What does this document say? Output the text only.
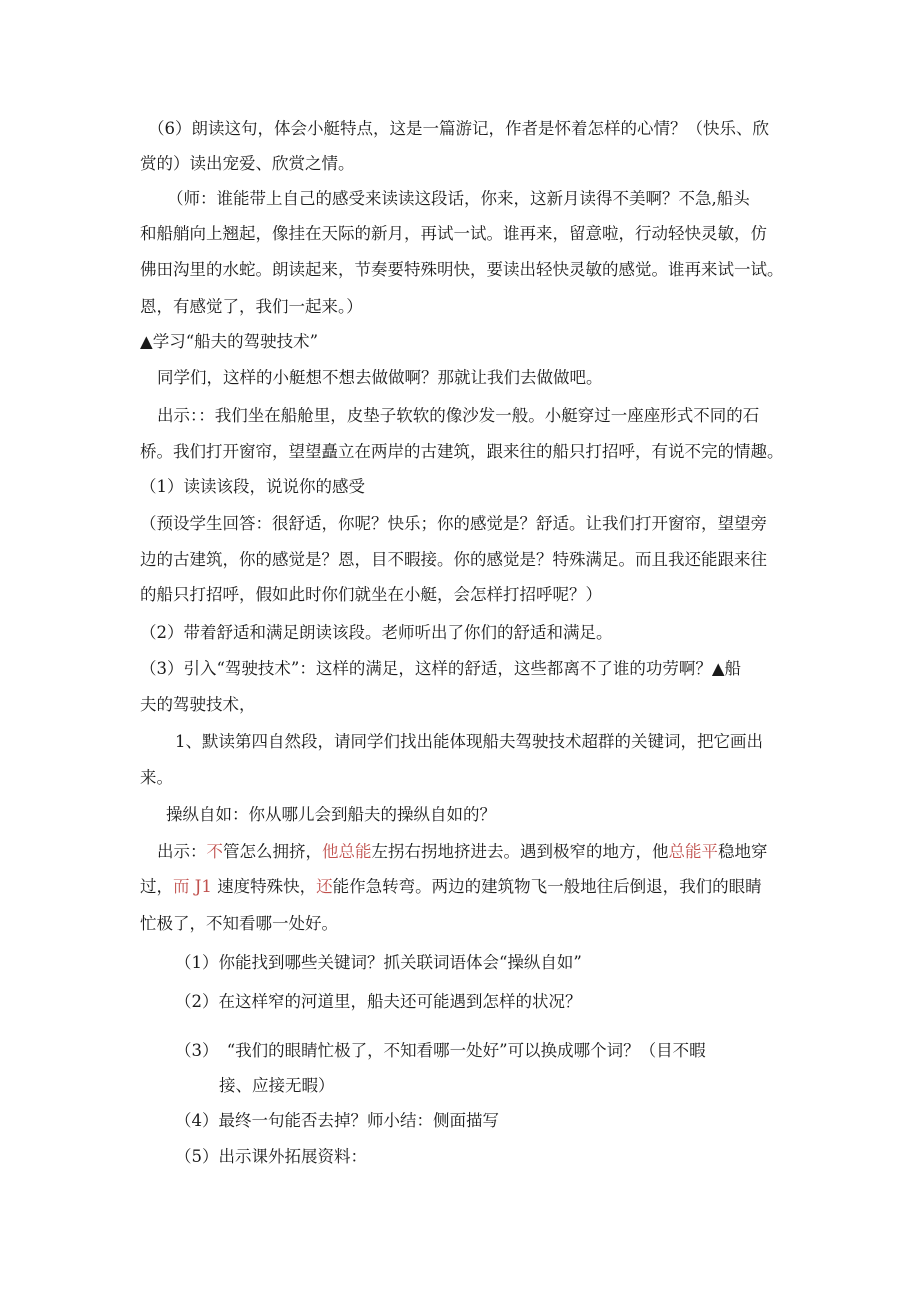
（6）朗读这句，体会小艇特点，这是一篇游记，作者是怀着怎样的心情？（快乐、欣
赏的）读出宠爱、欣赏之情。
（师：谁能带上自己的感受来读读这段话，你来，这新月读得不美啊？不急,船头
和船艄向上翘起，像挂在天际的新月，再试一试。谁再来，留意啦，行动轻快灵敏，仿
佛田沟里的水蛇。朗读起来，节奏要特殊明快，要读出轻快灵敏的感觉。谁再来试一试。
恩，有感觉了，我们一起来。）
▲学习“船夫的驾驶技术”
同学们，这样的小艇想不想去做做啊？那就让我们去做做吧。
出示：：我们坐在船舱里，皮垫子软软的像沙发一般。小艇穿过一座座形式不同的石
桥。我们打开窗帘，望望矗立在两岸的古建筑，跟来往的船只打招呼，有说不完的情趣。
（1）读读该段，说说你的感受
（预设学生回答：很舒适，你呢？快乐；你的感觉是？舒适。让我们打开窗帘，望望旁
边的古建筑，你的感觉是？恩，目不暇接。你的感觉是？特殊满足。而且我还能跟来往
的船只打招呼，假如此时你们就坐在小艇，会怎样打招呼呢？）
（2）带着舒适和满足朗读该段。老师听出了你们的舒适和满足。
（3）引入“驾驶技术”：这样的满足，这样的舒适，这些都离不了谁的功劳啊？▲船
夫的驾驶技术，
1、默读第四自然段，请同学们找出能体现船夫驾驶技术超群的关键词，把它画出
来。
操纵自如：你从哪儿会到船夫的操纵自如的？
出示：不管怎么拥挤，他总能左拐右拐地挤进去。遇到极窄的地方，他总能平稳地穿
过，而 J1 速度特殊快，还能作急转弯。两边的建筑物飞一般地往后倒退，我们的眼睛
忙极了，不知看哪一处好。
（1）你能找到哪些关键词？抓关联词语体会“操纵自如”
（2）在这样窄的河道里，船夫还可能遇到怎样的状况？
（3）　“我们的眼睛忙极了，不知看哪一处好”可以换成哪个词？（目不暇
接、应接无暇）
（4）最终一句能否去掉？师小结：侧面描写
（5）出示课外拓展资料：
